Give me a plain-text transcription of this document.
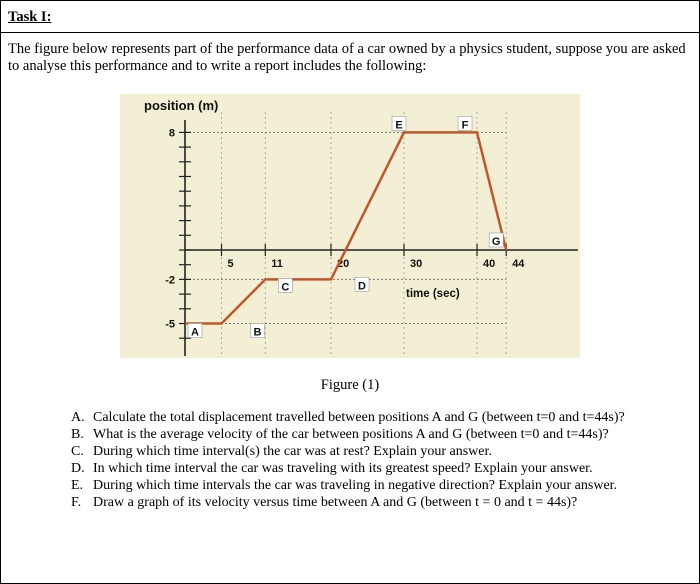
Task I:
The figure below represents part of the performance data of a car owned by a physics student, suppose you are asked to analyse this performance and to write a report includes the following:
8
-2
-5
5	11	20	30	40 44
position (m)
time (sec)
A	B
C	D
E	F
G
Figure (1)
A. Calculate the total displacement travelled between positions A and G (between t=0 and t=44s)?
B. What is the average velocity of the car between positions A and G (between t=0 and t=44s)?
C. During which time interval(s) the car was at rest? Explain your answer.
D. In which time interval the car was traveling with its greatest speed? Explain your answer.
E. During which time intervals the car was traveling in negative direction? Explain your answer.
F. Draw a graph of its velocity versus time between A and G (between t = 0 and t = 44s)?
